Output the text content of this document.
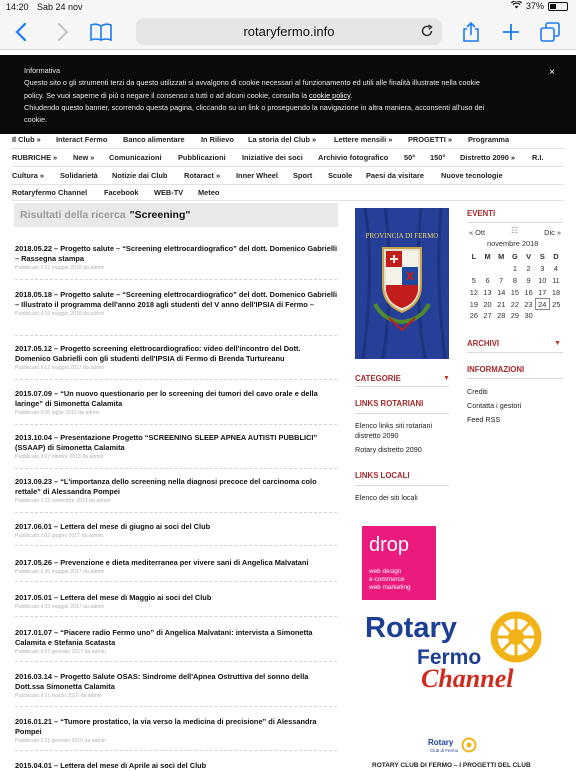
14:20 Sab 24 nov	37%
rotaryfermo.info
Informativa
Questo sito o gli strumenti terzi da questo utilizzati si avvalgono di cookie necessari al funzionamento ed utili alle finalità illustrate nella cookie
policy. Se vuoi saperne di più o negare il consenso a tutti o ad alcuni cookie, consulta la cookie policy.
Chiudendo questo banner, scorrendo questa pagina, cliccando su un link o proseguendo la navigazione in altra maniera, acconsenti all'uso dei
cookie.
×
Il Club » Interact Fermo Banco alimentare In Rilievo La storia del Club » Lettere mensili » PROGETTI » Programma
RUBRICHE » New » Comunicazioni Pubblicazioni Iniziative dei soci Archivio fotografico 50° 150° Distretto 2090 » R.I.
Cultura » Solidarietà Notizie dai Club Rotaract » Inner Wheel Sport Scuole Paesi da visitare Nuove tecnologie
Rotaryfermo Channel Facebook WEB-TV Meteo
Risultati della ricerca "Screening"
2018.05.22 – Progetto salute – “Screening elettrocardiografico” del dott. Domenico Gabrielli – Rassegna stampa
Pubblicato il 22 maggio 2018 da admin
2018.05.18 – Progetto salute – “Screening elettrocardiografico” del dott. Domenico Gabrielli – Illustrato il programma dell'anno 2018 agli studenti del V anno dell'IPSIA di Fermo –
Pubblicato il 19 maggio 2018 da admin
2017.05.12 – Progetto screening elettrocardiografico: video dell'incontro del Dott. Domenico Gabrielli con gli studenti dell'IPSIA di Fermo di Brenda Turtureanu
Pubblicato il 12 maggio 2017 da admin
2015.07.09 – “Un nuovo questionario per lo screening dei tumori del cavo orale e della laringe” di Simonetta Calamita
Pubblicato il 06 luglio 2015 da admin
2013.10.04 – Presentazione Progetto “SCREENING SLEEP APNEA AUTISTI PUBBLICI” (SSAAP) di Simonetta Calamita
Pubblicato il 07 ottobre 2013 da admin
2013.09.23 – “L'importanza dello screening nella diagnosi precoce del carcinoma colo rettale” di Alessandra Pompei
Pubblicato il 23 settembre 2013 da admin
2017.06.01 – Lettera del mese di giugno ai soci del Club
Pubblicato il 02 giugno 2017 da admin
2017.05.26 – Prevenzione e dieta mediterranea per vivere sani di Angelica Malvatani
Pubblicato il 26 maggio 2017 da admin
2017.05.01 – Lettera del mese di Maggio ai soci del Club
Pubblicato il 03 maggio 2017 da admin
2017.01.07 – “Piacere radio Fermo uno” di Angelica Malvatani: intervista a Simonetta Calamita e Stefania Scatasta
Pubblicato il 07 gennaio 2017 da admin
2016.03.14 – Progetto Salute OSAS: Sindrome dell'Apnea Ostruttiva del sonno della Dott.ssa Simonetta Calamita
Pubblicato il 21 marzo 2016 da admin
2016.01.21 – “Tumore prostatico, la via verso la medicina di precisione” di Alessandra Pompei
Pubblicato il 21 gennaio 2016 da admin
2015.04.01 – Lettera del mese di Aprile ai soci del Club
PROVINCIA DI FERMO
CATEGORIE	▼
LINKS ROTARIANI
Elenco links siti rotariani distretto 2090
Rotary distretto 2090
LINKS LOCALI
Elenco dei siti locali
EVENTI
« Ott	☷	Dic »
novembre 2018
L	M	M	G	V	S	D
			1	2	3	4
5	6	7	8	9	10	11
12	13	14	15	16	17	18
19	20	21	22	23	24	25
26	27	28	29	30		
ARCHIVI	▼
INFORMAZIONI
Crediti
Contatta i gestori
Feed RSS
drop
web design
e-commerce
web marketing
Rotary
Fermo
Channel
Rotary
Club di Fermo
ROTARY CLUB DI FERMO – I PROGETTI DEL CLUB
